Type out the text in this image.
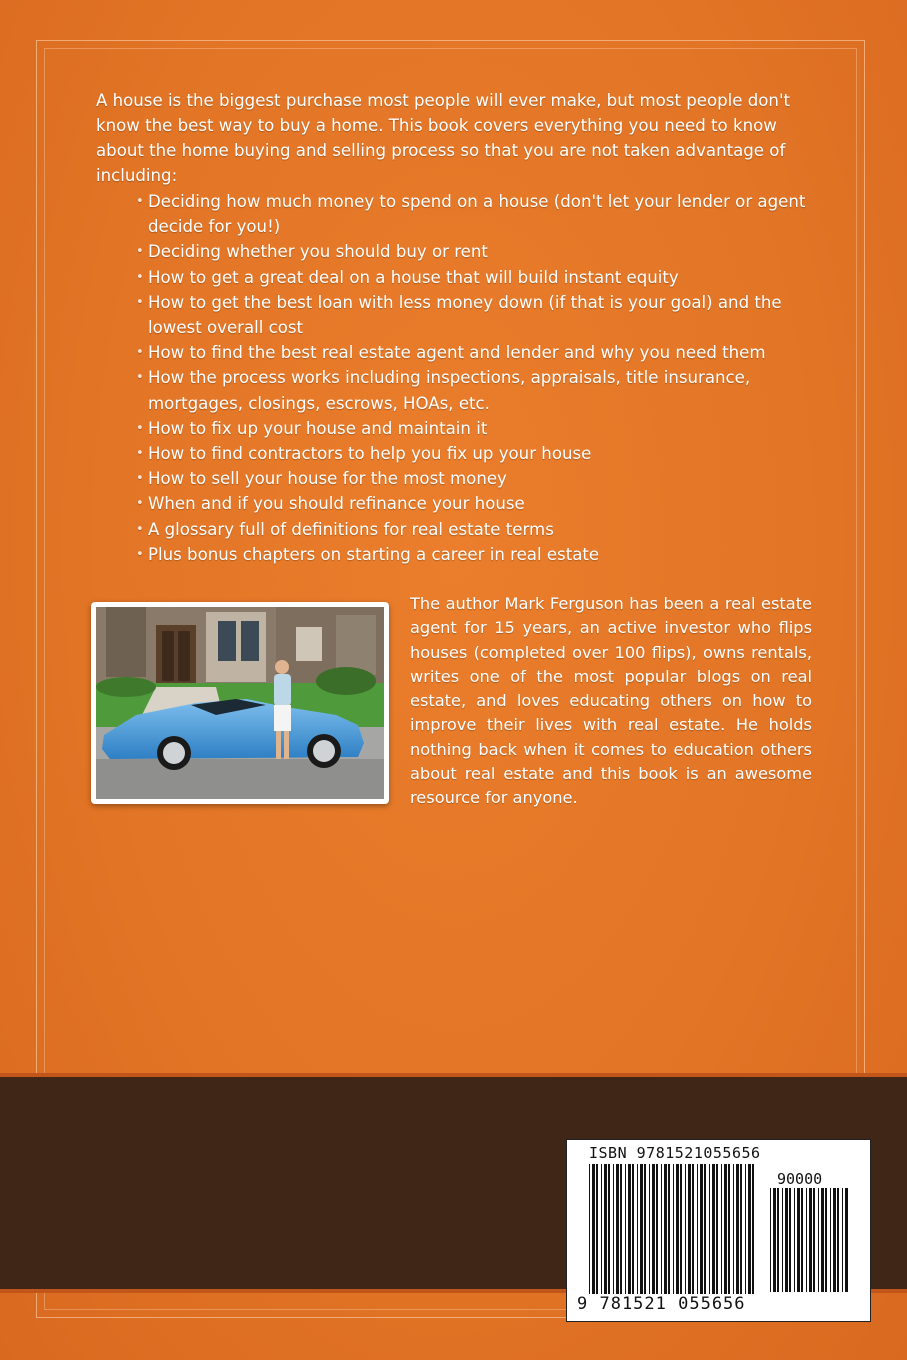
A house is the biggest purchase most people will ever make, but most people don't know the best way to buy a home. This book covers everything you need to know about the home buying and selling process so that you are not taken advantage of including:

• Deciding how much money to spend on a house (don't let your lender or agent decide for you!)
• Deciding whether you should buy or rent
• How to get a great deal on a house that will build instant equity
• How to get the best loan with less money down (if that is your goal) and the lowest overall cost
• How to find the best real estate agent and lender and why you need them
• How the process works including inspections, appraisals, title insurance, mortgages, closings, escrows, HOAs, etc.
• How to fix up your house and maintain it
• How to find contractors to help you fix up your house
• How to sell your house for the most money
• When and if you should refinance your house
• A glossary full of definitions for real estate terms
• Plus bonus chapters on starting a career in real estate

The author Mark Ferguson has been a real estate agent for 15 years, an active investor who flips houses (completed over 100 flips), owns rentals, writes one of the most popular blogs on real estate, and loves educating others on how to improve their lives with real estate. He holds nothing back when it comes to education others about real estate and this book is an awesome resource for anyone.

ISBN 9781521055656
90000
9 781521 055656
